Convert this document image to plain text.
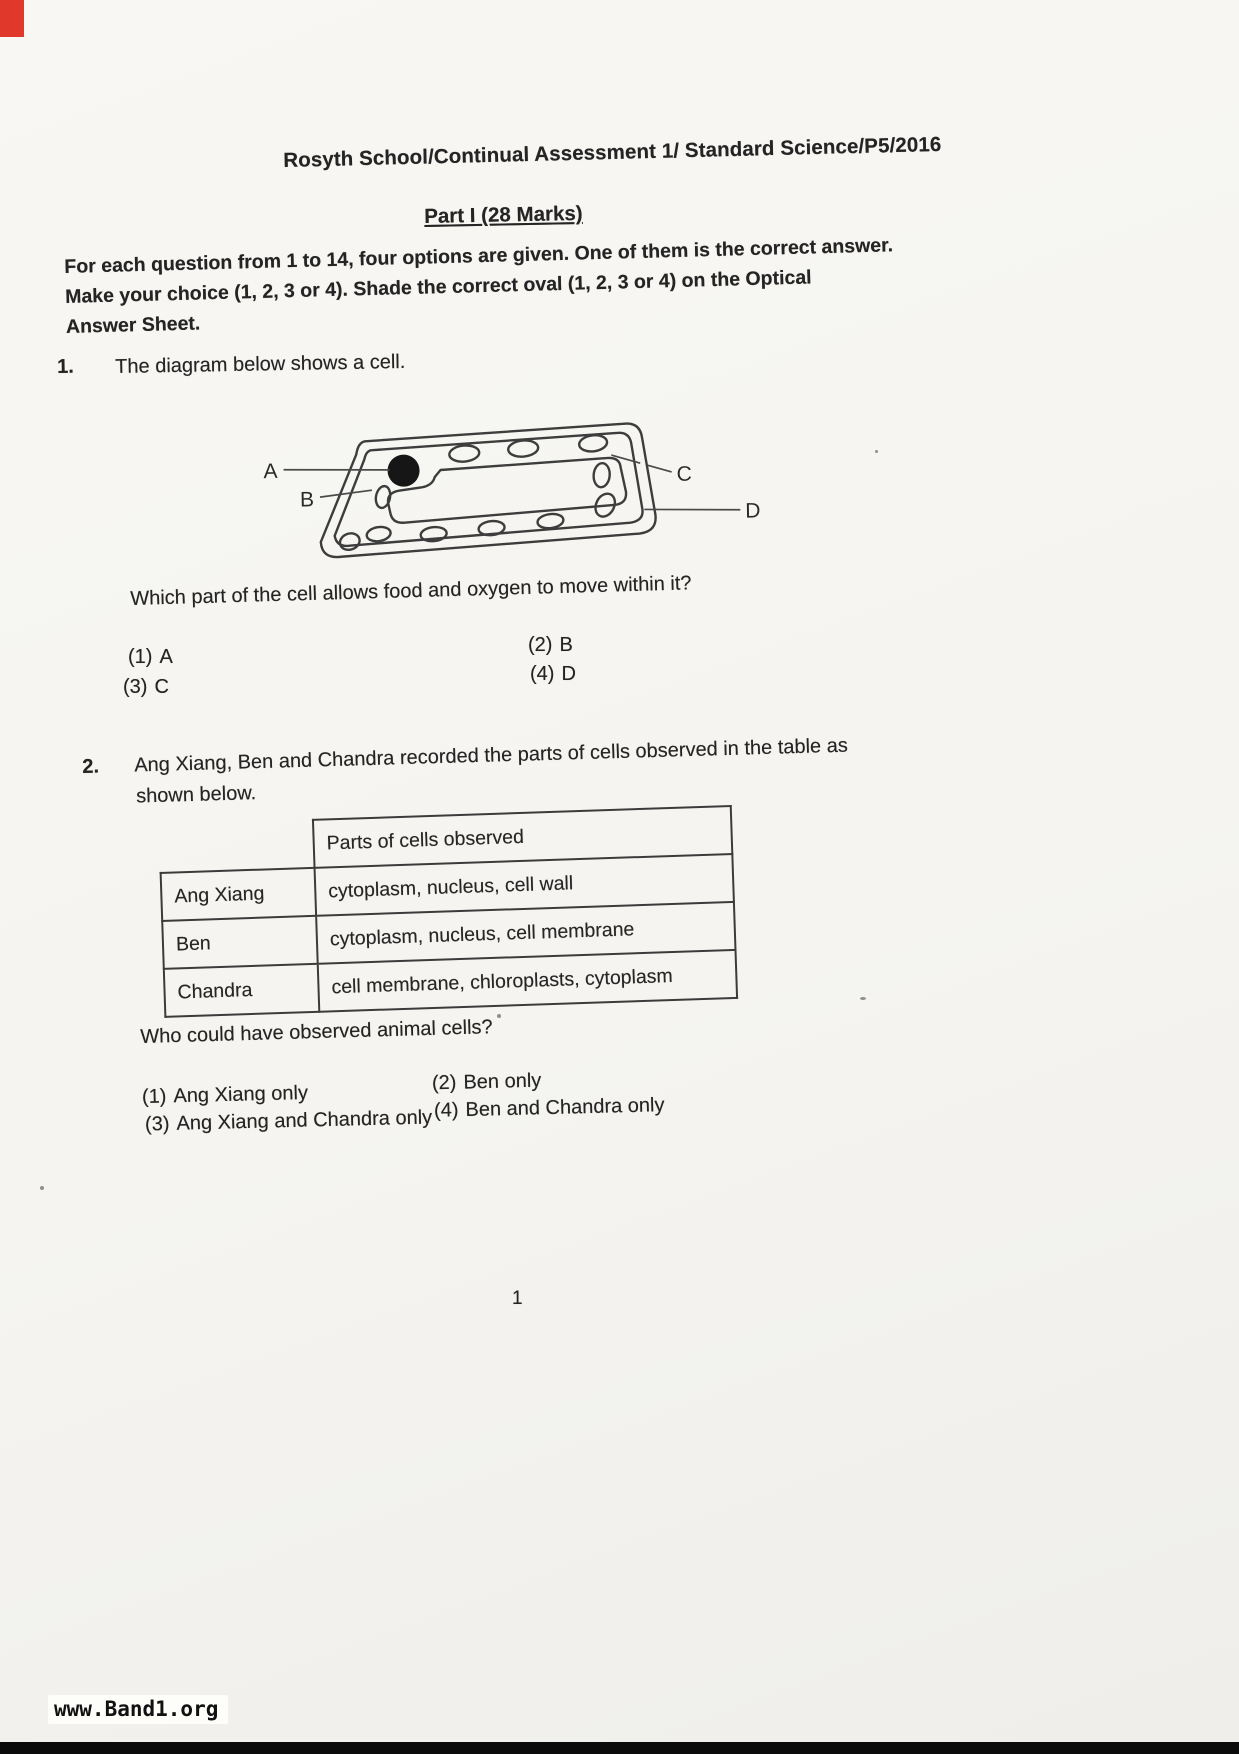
Rosyth School/Continual Assessment 1/ Standard Science/P5/2016
Part I (28 Marks)
For each question from 1 to 14, four options are given. One of them is the correct answer.
Make your choice (1, 2, 3 or 4). Shade the correct oval (1, 2, 3 or 4) on the Optical
Answer Sheet.
1. The diagram below shows a cell.
A
B
C
D
Which part of the cell allows food and oxygen to move within it?
(1) A
(2) B
(3) C
(4) D
2. Ang Xiang, Ben and Chandra recorded the parts of cells observed in the table as
shown below.
	Parts of cells observed
Ang Xiang	cytoplasm, nucleus, cell wall
Ben	cytoplasm, nucleus, cell membrane
Chandra	cell membrane, chloroplasts, cytoplasm
Who could have observed animal cells?
(1) Ang Xiang only	(2) Ben only
(3) Ang Xiang and Chandra only (4) Ben and Chandra only
1
www.Band1.org
